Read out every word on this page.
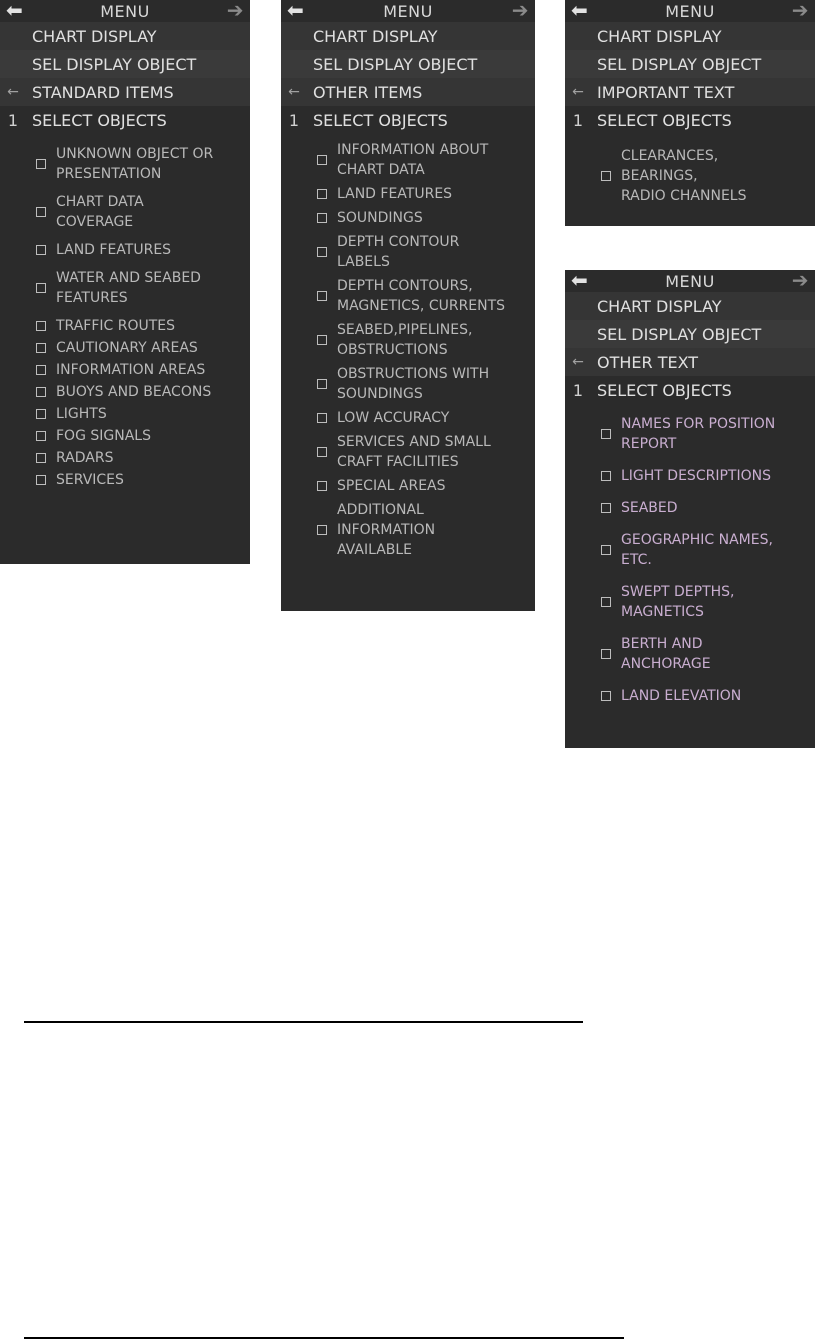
⬅	MENU	➔
CHART DISPLAY
SEL DISPLAY OBJECT
← STANDARD ITEMS
1 SELECT OBJECTS
UNKNOWN OBJECT OR
PRESENTATION
CHART DATA
COVERAGE
LAND FEATURES
WATER AND SEABED
FEATURES
TRAFFIC ROUTES
CAUTIONARY AREAS
INFORMATION AREAS
BUOYS AND BEACONS
LIGHTS
FOG SIGNALS
RADARS
SERVICES
⬅	MENU	➔
CHART DISPLAY
SEL DISPLAY OBJECT
← OTHER ITEMS
1 SELECT OBJECTS
INFORMATION ABOUT
CHART DATA
LAND FEATURES
SOUNDINGS
DEPTH CONTOUR
LABELS
DEPTH CONTOURS,
MAGNETICS, CURRENTS
SEABED,PIPELINES,
OBSTRUCTIONS
OBSTRUCTIONS WITH
SOUNDINGS
LOW ACCURACY
SERVICES AND SMALL
CRAFT FACILITIES
SPECIAL AREAS
ADDITIONAL
INFORMATION
AVAILABLE
⬅	MENU	➔
CHART DISPLAY
SEL DISPLAY OBJECT
← IMPORTANT TEXT
1 SELECT OBJECTS
CLEARANCES,
BEARINGS,
RADIO CHANNELS
⬅	MENU	➔
CHART DISPLAY
SEL DISPLAY OBJECT
← OTHER TEXT
1 SELECT OBJECTS
NAMES FOR POSITION
REPORT
LIGHT DESCRIPTIONS
SEABED
GEOGRAPHIC NAMES,
ETC.
SWEPT DEPTHS,
MAGNETICS
BERTH AND
ANCHORAGE
LAND ELEVATION
